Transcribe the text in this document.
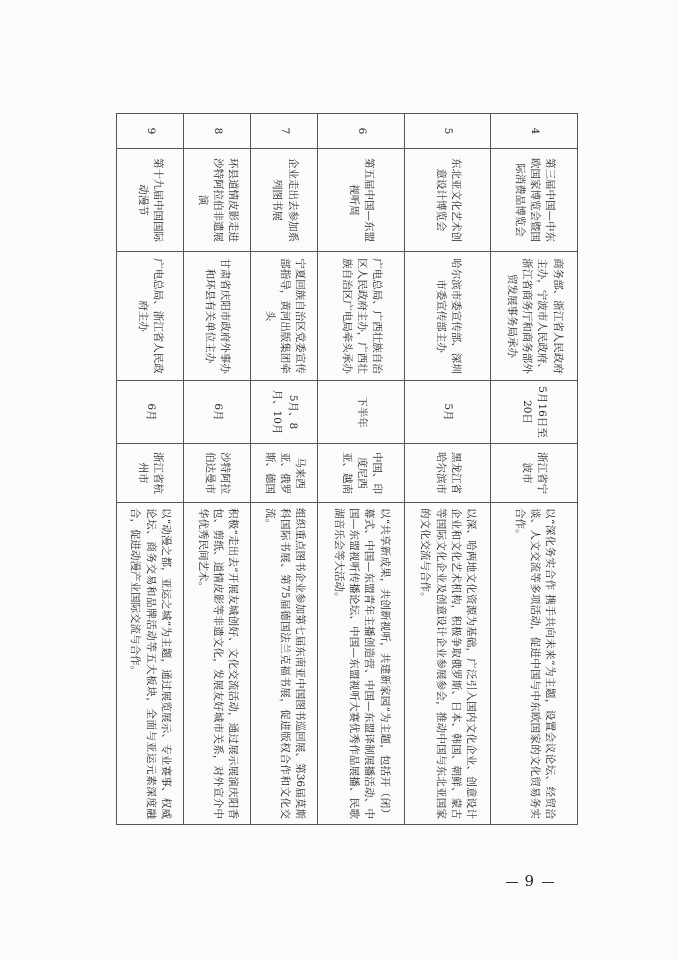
4	第三届中国—中东欧国家博览会暨国际消费品博览会	商务部、浙江省人民政府主办，宁波市人民政府、浙江省商务厅和商务部外贸发展事务局承办	5月16日至20日	浙江省宁波市	以“深化务实合作 携手共向未来”为主题，设置会议论坛、经贸洽谈、人文交流等多项活动，促进中国与中东欧国家的文化贸易务实合作。
5	东北亚文化艺术创意设计博览会	哈尔滨市委宣传部、深圳市委宣传部主办	5月	黑龙江省哈尔滨市	以深、哈两地文化资源为基础，广泛引入国内文化企业、创意设计企业和文化艺术机构，积极争取俄罗斯、日本、韩国、朝鲜、蒙古等国际文化企业及创意设计企业参展参会，推动中国与东北亚国家的文化交流与合作。
6	第五届中国—东盟视听周	广电总局、广西壮族自治区人民政府主办，广西壮族自治区广电局牵头承办	下半年	中国、印度尼西亚、越南	以“共享新成果，共创新视听，共建新家园”为主题，包括开（闭）幕式、中国—东盟青年主播创造营、中国—东盟译制展播活动、中国—东盟视听传播论坛、中国—东盟视听大赛优秀作品展播、民歌湖音乐会等大活动。
7	企业走出去参加系列图书展	宁夏回族自治区党委宣传部指导，黄河出版集团牵头	5月、8月、10月	马来西亚、俄罗斯、德国	组织重点图书企业参加第七届东南亚中国图书巡回展、第36届莫斯科国际书展、第75届德国法兰克福书展，促进版权合作和文化交流。
8	环县道情皮影走进沙特阿拉伯非遗展演	甘肃省庆阳市政府外事办和环县有关单位主办	6月	沙特阿拉伯达曼市	积极“走出去”开展友城创好、文化交流活动，通过展示展演庆阳香包、剪纸、道情皮影等非遗文化，发展友好城市关系，对外宣介中华优秀民间艺术。
9	第十九届中国国际动漫节	广电总局、浙江省人民政府主办	6月	浙江省杭州市	以“动漫之都，亚运之城”为主题，通过展览展示、专业赛事、权威论坛、商务交易和品牌活动等五大板块，全面与亚运元素深度融合，促进动漫产业国际交流与合作。
9
